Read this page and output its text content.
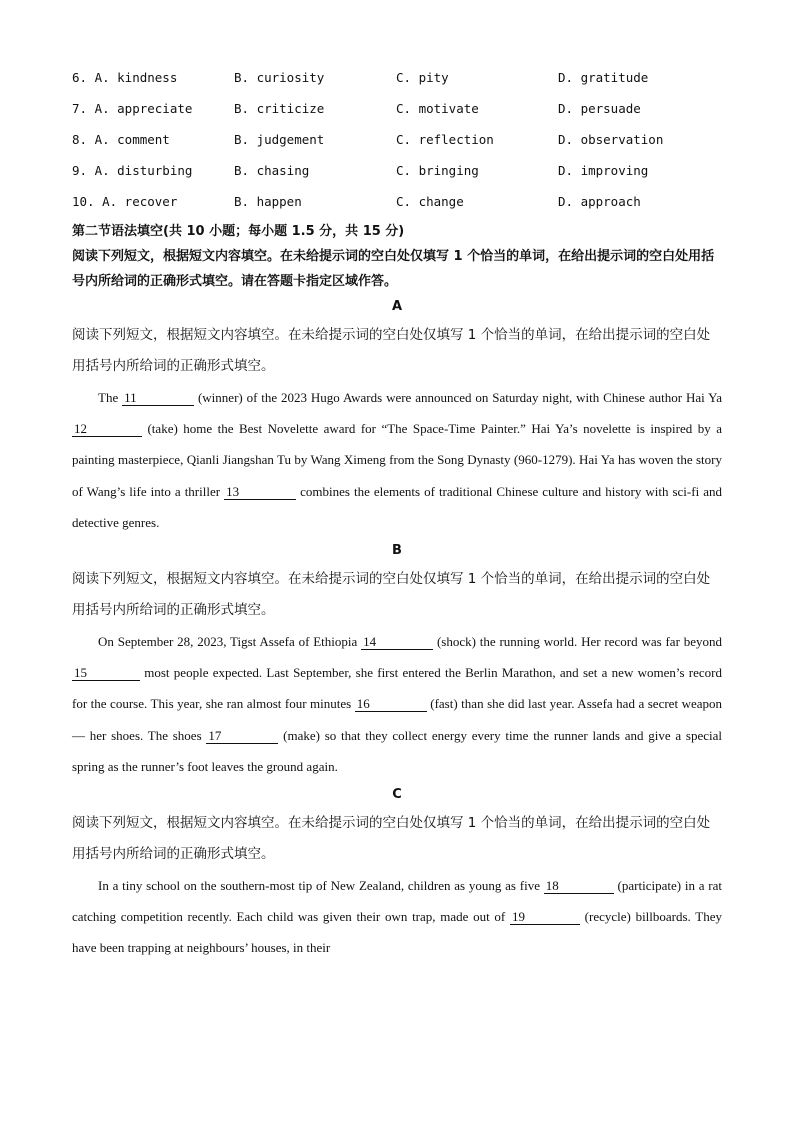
6. A. kindness	B. curiosity	C. pity	D. gratitude
7. A. appreciate	B. criticize	C. motivate	D. persuade
8. A. comment	B. judgement	C. reflection	D. observation
9. A. disturbing	B. chasing	C. bringing	D. improving
10. A. recover	B. happen	C. change	D. approach
第二节语法填空(共 10 小题；每小题 1.5 分，共 15 分)
阅读下列短文，根据短文内容填空。在未给提示词的空白处仅填写 1 个恰当的单词，在给出提示词的空白处用括号内所给词的正确形式填空。请在答题卡指定区域作答。
A
阅读下列短文，根据短文内容填空。在未给提示词的空白处仅填写 1 个恰当的单词，在给出提示词的空白处用括号内所给词的正确形式填空。
The 11	(winner) of the 2023 Hugo Awards were announced on Saturday night, with Chinese author Hai Ya 12	(take) home the Best Novelette award for “The Space-Time Painter.” Hai Ya’s novelette is inspired by a painting masterpiece, Qianli Jiangshan Tu by Wang Ximeng from the Song Dynasty (960-1279). Hai Ya has woven the story of Wang’s life into a thriller 13	combines the elements of traditional Chinese culture and history with sci-fi and detective genres.
B
阅读下列短文，根据短文内容填空。在未给提示词的空白处仅填写 1 个恰当的单词，在给出提示词的空白处用括号内所给词的正确形式填空。
On September 28, 2023, Tigst Assefa of Ethiopia 14	(shock) the running world. Her record was far beyond 15	most people expected. Last September, she first entered the Berlin Marathon, and set a new women’s record for the course. This year, she ran almost four minutes 16	(fast) than she did last year. Assefa had a secret weapon — her shoes. The shoes 17	(make) so that they collect energy every time the runner lands and give a special spring as the runner’s foot leaves the ground again.
C
阅读下列短文，根据短文内容填空。在未给提示词的空白处仅填写 1 个恰当的单词，在给出提示词的空白处用括号内所给词的正确形式填空。
In a tiny school on the southern-most tip of New Zealand, children as young as five 18	(participate) in a rat catching competition recently. Each child was given their own trap, made out of 19	(recycle) billboards. They have been trapping at neighbours’ houses, in their
